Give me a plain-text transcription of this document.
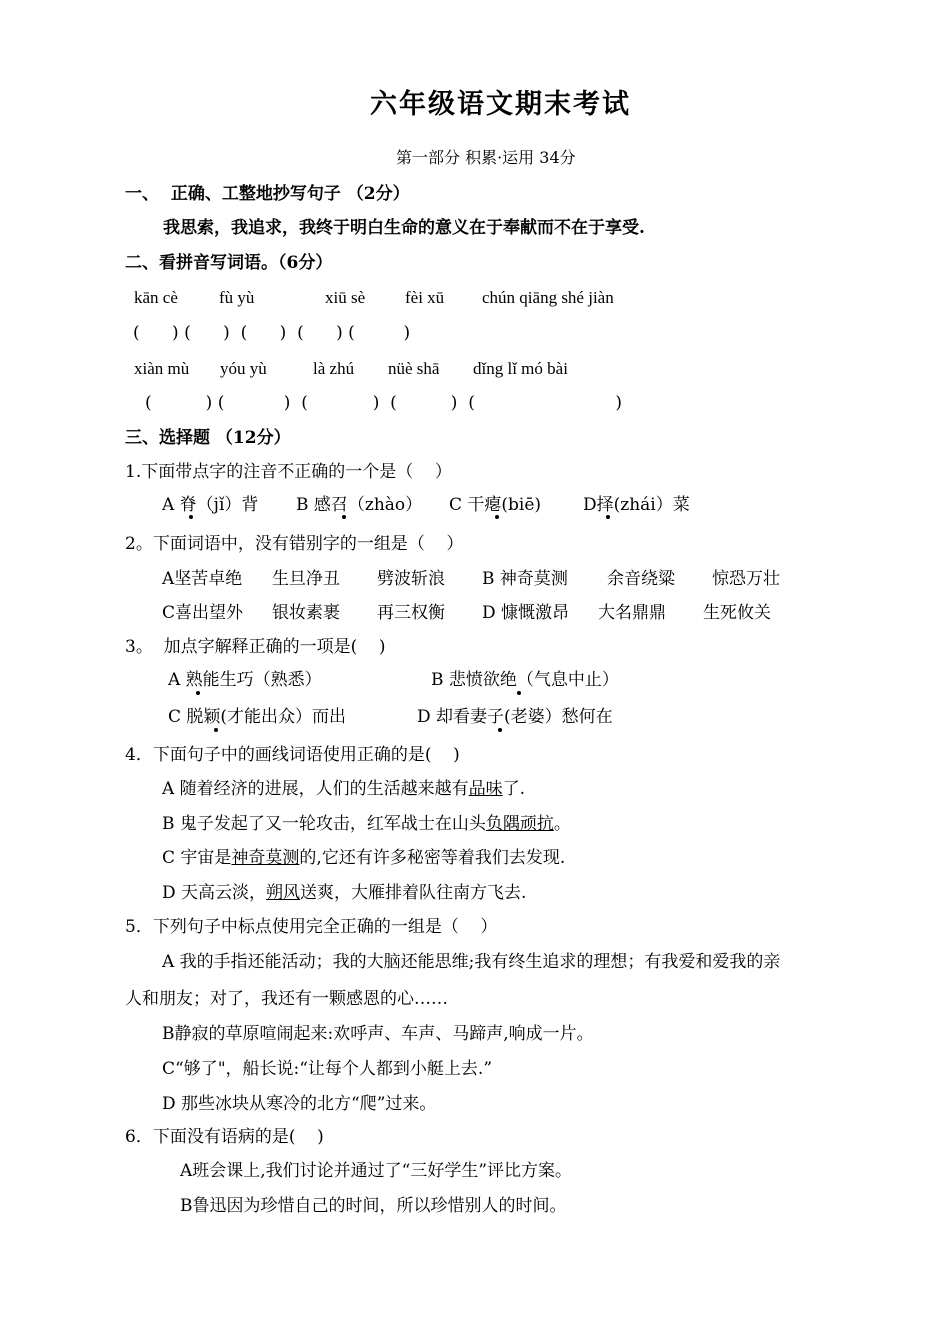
六年级语文期末考试
第一部分 积累·运用 34分
一、  正确、工整地抄写句子 （2分）
我思索，我追求，我终于明白生命的意义在于奉献而不在于享受.
二、看拼音写词语。（6分）
kān cè fù yù	xiū sè fèi xū chún qiāng shé jiàn
(      ) (      )  (      )  (      ) (         )
xiàn mù yóu yù	là zhú nüè shā dǐng lǐ mó bài
(          ) (           )  (            )  (          )  (                          )
三、选择题 （12分）
1.下面带点字的注音不正确的一个是（    ）
A 脊（jǐ）背 B 感召（zhào） C 干瘪(biē) D择(zhái）菜
2。下面词语中，没有错别字的一组是（    ）
A坚苦卓绝 生旦净丑 劈波斩浪 B 神奇莫测 余音绕粱 惊恐万壮
C喜出望外 银妆素裹 再三权衡 D 慷慨激昂 大名鼎鼎 生死攸关
3。  加点字解释正确的一项是(    )
A 熟能生巧（熟悉）	B 悲愤欲绝（气息中止）
C 脱颖(才能出众）而出	D 却看妻子(老婆）愁何在
4．下面句子中的画线词语使用正确的是(    )
A 随着经济的进展，人们的生活越来越有品味了.
B 鬼子发起了又一轮攻击，红军战士在山头负隅顽抗。
C 宇宙是神奇莫测的,它还有许多秘密等着我们去发现.
D 天高云淡，朔风送爽，大雁排着队往南方飞去.
5．下列句子中标点使用完全正确的一组是（    ）
A 我的手指还能活动；我的大脑还能思维;我有终生追求的理想；有我爱和爱我的亲
人和朋友；对了，我还有一颗感恩的心……
B静寂的草原喧闹起来:欢呼声、车声、马蹄声,响成一片。
C“够了"，船长说:“让每个人都到小艇上去.”
D 那些冰块从寒冷的北方“爬”过来。
6．下面没有语病的是(    )
A班会课上,我们讨论并通过了“三好学生”评比方案。
B鲁迅因为珍惜自己的时间，所以珍惜别人的时间。
